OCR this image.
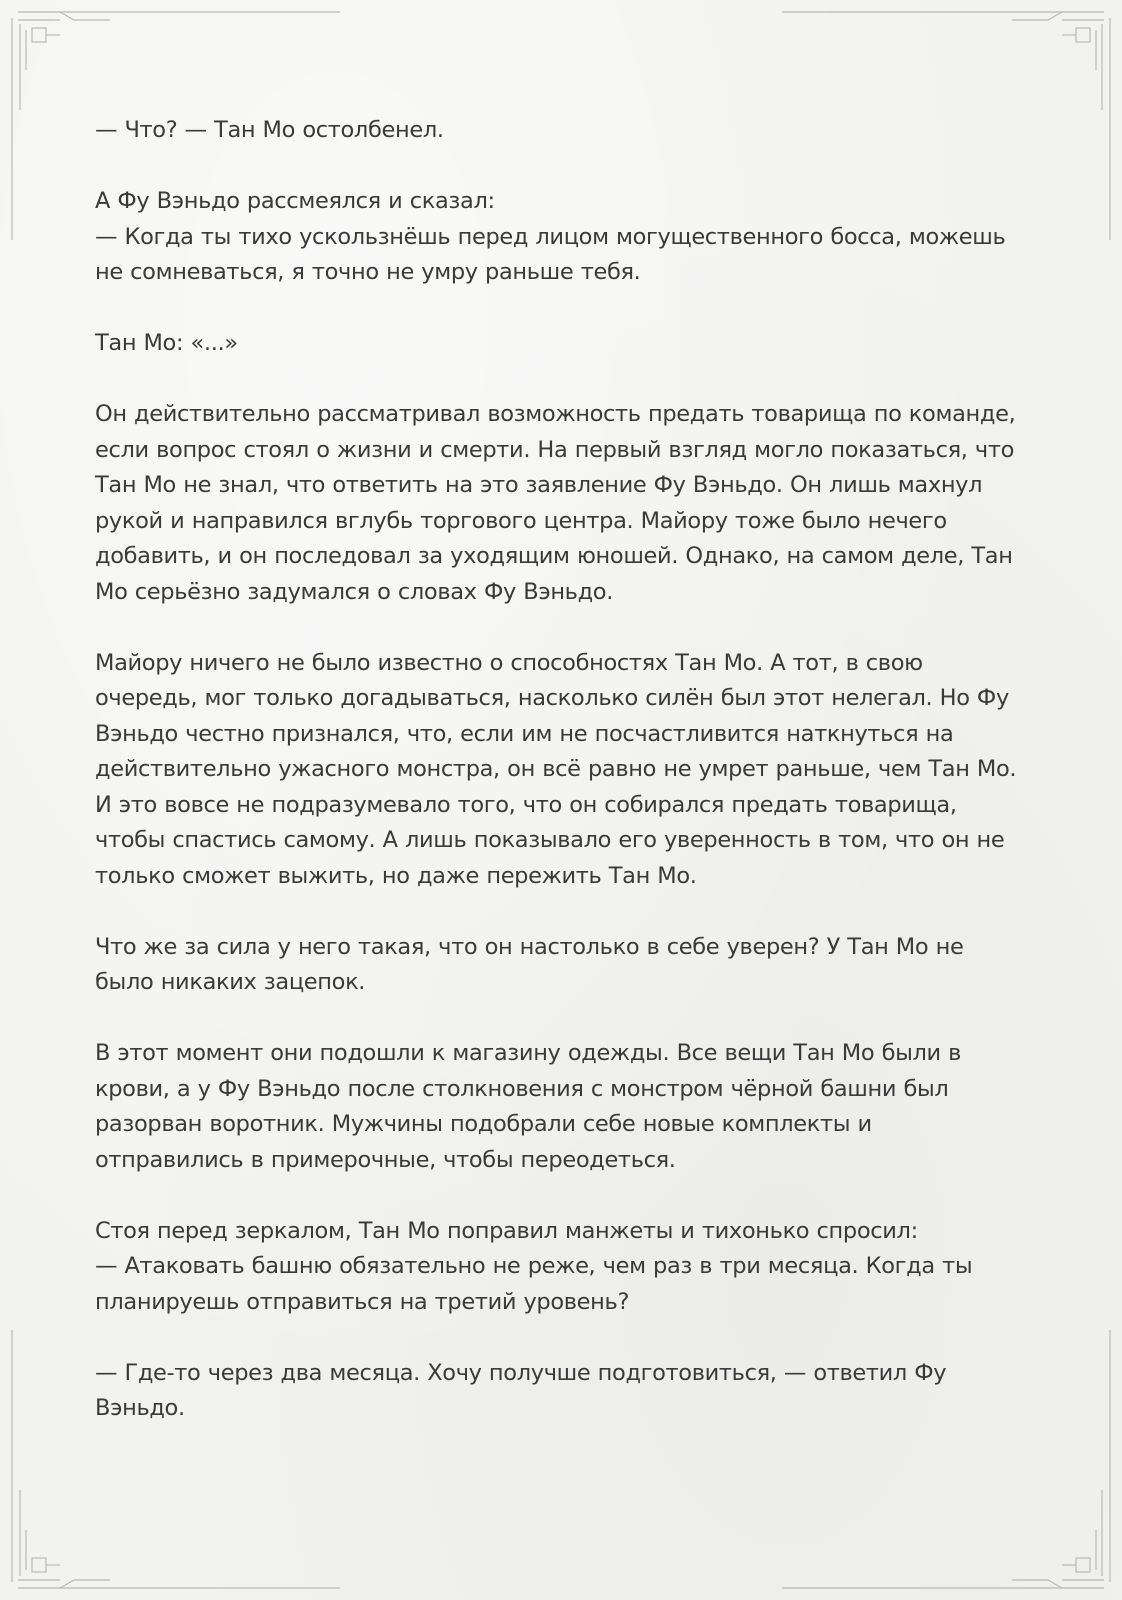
— Что? — Тан Мо остолбенел.

А Фу Вэньдо рассмеялся и сказал:
— Когда ты тихо ускользнёшь перед лицом могущественного босса, можешь не сомневаться, я точно не умру раньше тебя.

Тан Мо: «...»

Он действительно рассматривал возможность предать товарища по команде, если вопрос стоял о жизни и смерти. На первый взгляд могло показаться, что Тан Мо не знал, что ответить на это заявление Фу Вэньдо. Он лишь махнул рукой и направился вглубь торгового центра. Майору тоже было нечего добавить, и он последовал за уходящим юношей. Однако, на самом деле, Тан Мо серьёзно задумался о словах Фу Вэньдо.

Майору ничего не было известно о способностях Тан Мо. А тот, в свою очередь, мог только догадываться, насколько силён был этот нелегал. Но Фу Вэньдо честно признался, что, если им не посчастливится наткнуться на действительно ужасного монстра, он всё равно не умрет раньше, чем Тан Мо. И это вовсе не подразумевало того, что он собирался предать товарища, чтобы спастись самому. А лишь показывало его уверенность в том, что он не только сможет выжить, но даже пережить Тан Мо.

Что же за сила у него такая, что он настолько в себе уверен? У Тан Мо не было никаких зацепок.

В этот момент они подошли к магазину одежды. Все вещи Тан Мо были в крови, а у Фу Вэньдо после столкновения с монстром чёрной башни был разорван воротник. Мужчины подобрали себе новые комплекты и отправились в примерочные, чтобы переодеться.

Стоя перед зеркалом, Тан Мо поправил манжеты и тихонько спросил:
— Атаковать башню обязательно не реже, чем раз в три месяца. Когда ты планируешь отправиться на третий уровень?

— Где-то через два месяца. Хочу получше подготовиться, — ответил Фу Вэньдо.
